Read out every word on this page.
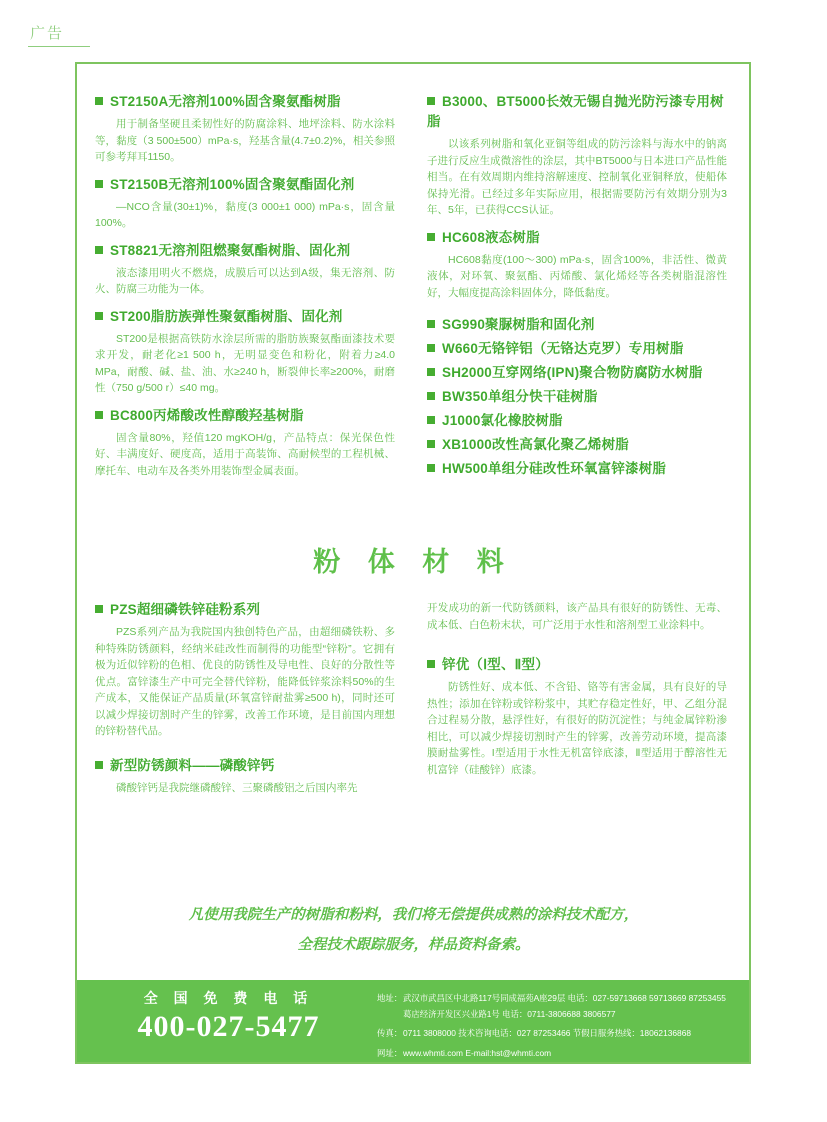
广告
ST2150A无溶剂100%固含聚氨酯树脂
用于制备坚硬且柔韧性好的防腐涂料、地坪涂料、防水涂料等，黏度（3 500±500）mPa·s，羟基含量(4.7±0.2)%，相关参照可参考拜耳1150。
ST2150B无溶剂100%固含聚氨酯固化剂
—NCO含量(30±1)%，黏度(3 000±1 000) mPa·s，固含量100%。
ST8821无溶剂阻燃聚氨酯树脂、固化剂
液态漆用明火不燃烧，成膜后可以达到A级，集无溶剂、防火、防腐三功能为一体。
ST200脂肪族弹性聚氨酯树脂、固化剂
ST200是根据高铁防水涂层所需的脂肪族聚氨酯面漆技术要求开发，耐老化≥1 500 h，无明显变色和粉化，附着力≥4.0 MPa，耐酸、碱、盐、油、水≥240 h，断裂伸长率≥200%，耐磨性（750 g/500 r）≤40 mg。
BC800丙烯酸改性醇酸羟基树脂
固含量80%，羟值120 mgKOH/g，产品特点：保光保色性好、丰满度好、硬度高，适用于高装饰、高耐候型的工程机械、摩托车、电动车及各类外用装饰型金属表面。
B3000、BT5000长效无锡自抛光防污漆专用树脂
以该系列树脂和氧化亚铜等组成的防污涂料与海水中的钠离子进行反应生成微溶性的涂层，其中BT5000与日本进口产品性能相当。在有效周期内维持溶解速度、控制氧化亚铜释放，使船体保持光滑。已经过多年实际应用，根据需要防污有效期分别为3年、5年，已获得CCS认证。
HC608液态树脂
HC608黏度(100～300) mPa·s，固含100%，非活性、微黄液体，对环氧、聚氨酯、丙烯酸、氯化烯烃等各类树脂混溶性好，大幅度提高涂料固体分，降低黏度。
SG990聚脲树脂和固化剂
W660无铬锌铝（无铬达克罗）专用树脂
SH2000互穿网络(IPN)聚合物防腐防水树脂
BW350单组分快干硅树脂
J1000氯化橡胶树脂
XB1000改性高氯化聚乙烯树脂
HW500单组分硅改性环氧富锌漆树脂
粉 体 材 料
PZS超细磷铁锌硅粉系列
PZS系列产品为我院国内独创特色产品，由超细磷铁粉、多种特殊防锈颜料，经纳米硅改性而制得的功能型“锌粉”。它拥有极为近似锌粉的色相、优良的防锈性及导电性、良好的分散性等优点。富锌漆生产中可完全替代锌粉，能降低锌浆涂料50%的生产成本，又能保证产品质量(环氧富锌耐盐雾≥500 h)，同时还可以减少焊接切割时产生的锌雾，改善工作环境，是目前国内理想的锌粉替代品。
新型防锈颜料——磷酸锌钙
磷酸锌钙是我院继磷酸锌、三聚磷酸铝之后国内率先
开发成功的新一代防锈颜料，该产品具有很好的防锈性、无毒、成本低、白色粉末状，可广泛用于水性和溶剂型工业涂料中。
锌优（Ⅰ型、Ⅱ型）
防锈性好、成本低、不含铅、铬等有害金属，具有良好的导热性；添加在锌粉或锌粉浆中，其贮存稳定性好，甲、乙组分混合过程易分散，悬浮性好，有很好的防沉淀性；与纯金属锌粉渗相比，可以减少焊接切割时产生的锌雾，改善劳动环境，提高漆膜耐盐雾性。I型适用于水性无机富锌底漆，Ⅱ型适用于醇溶性无机富锌（硅酸锌）底漆。
凡使用我院生产的树脂和粉料，我们将无偿提供成熟的涂料技术配方，
全程技术跟踪服务，样品资料备索。
全 国 免 费 电 话
400-027-5477
地址：武汉市武昌区中北路117号同成福苑A座29层 电话：027-59713668 59713669 87253455
葛店经济开发区兴业路1号 电话：0711-3806688 3806577
传真：0711 3808000 技术咨询电话：027 87253466 节假日服务热线：18062136868
网址：www.whmti.com E-mail:hst@whmti.com
